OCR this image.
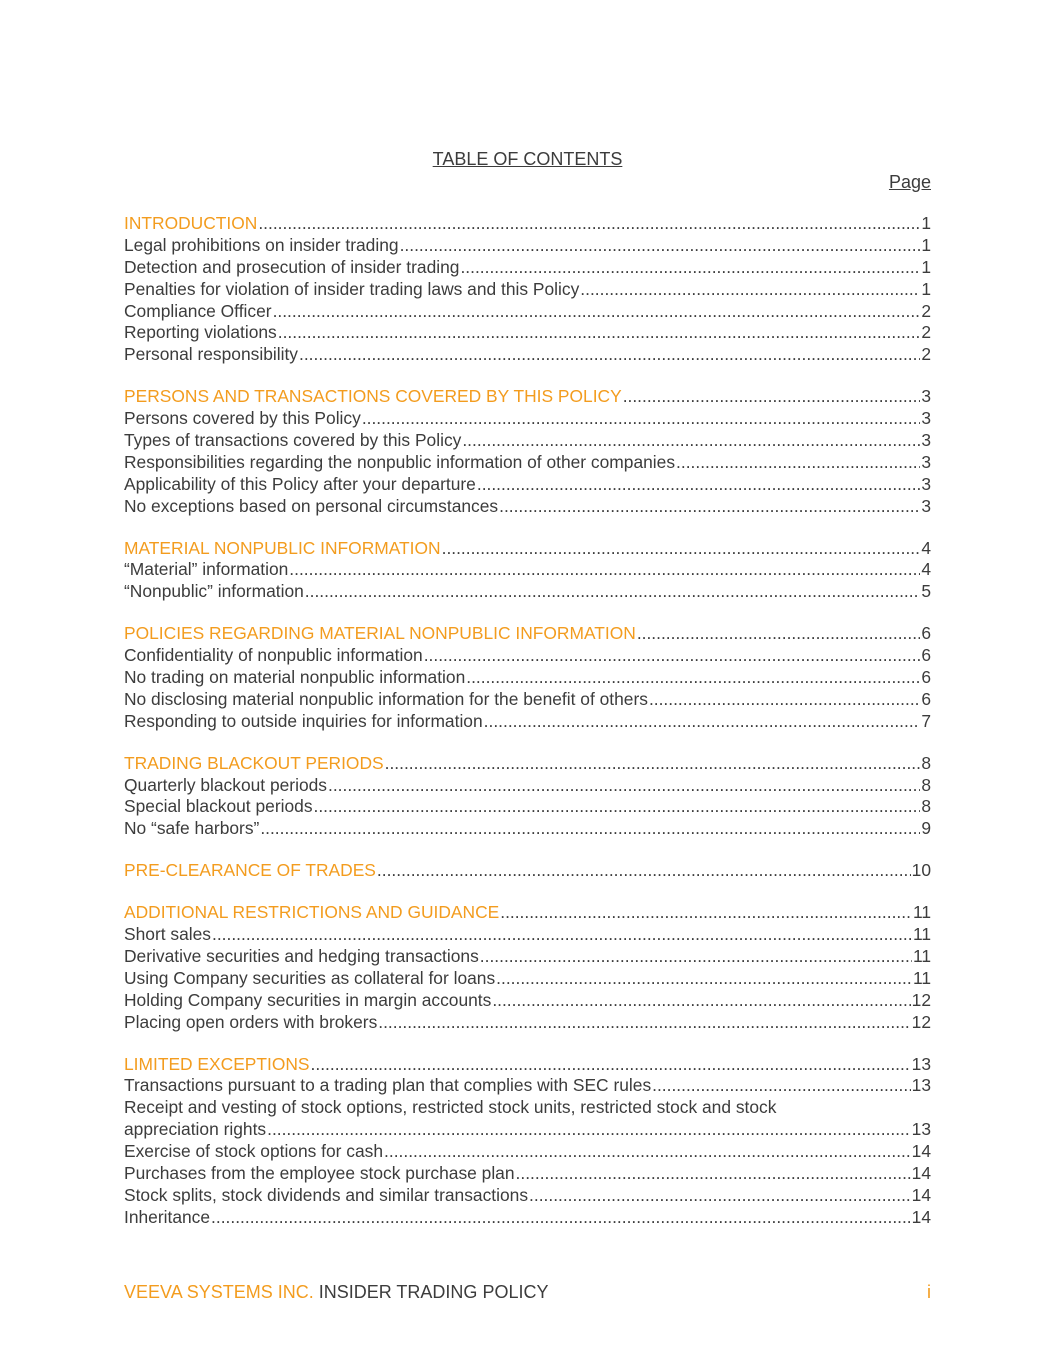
TABLE OF CONTENTS
Page
INTRODUCTION .....	1
Legal prohibitions on insider trading .....	1
Detection and prosecution of insider trading .....	1
Penalties for violation of insider trading laws and this Policy .....	1
Compliance Officer .....	2
Reporting violations .....	2
Personal responsibility .....	2
PERSONS AND TRANSACTIONS COVERED BY THIS POLICY .....	3
Persons covered by this Policy .....	3
Types of transactions covered by this Policy .....	3
Responsibilities regarding the nonpublic information of other companies .....	3
Applicability of this Policy after your departure .....	3
No exceptions based on personal circumstances .....	3
MATERIAL NONPUBLIC INFORMATION .....	4
“Material” information .....	4
“Nonpublic” information .....	5
POLICIES REGARDING MATERIAL NONPUBLIC INFORMATION .....	6
Confidentiality of nonpublic information .....	6
No trading on material nonpublic information .....	6
No disclosing material nonpublic information for the benefit of others .....	6
Responding to outside inquiries for information .....	7
TRADING BLACKOUT PERIODS .....	8
Quarterly blackout periods .....	8
Special blackout periods .....	8
No “safe harbors” .....	9
PRE-CLEARANCE OF TRADES .....	10
ADDITIONAL RESTRICTIONS AND GUIDANCE .....	11
Short sales .....	11
Derivative securities and hedging transactions .....	11
Using Company securities as collateral for loans .....	11
Holding Company securities in margin accounts .....	12
Placing open orders with brokers .....	12
LIMITED EXCEPTIONS .....	13
Transactions pursuant to a trading plan that complies with SEC rules .....	13
Receipt and vesting of stock options, restricted stock units, restricted stock and stock
appreciation rights .....	13
Exercise of stock options for cash .....	14
Purchases from the employee stock purchase plan .....	14
Stock splits, stock dividends and similar transactions .....	14
Inheritance .....	14
VEEVA SYSTEMS INC. INSIDER TRADING POLICY	i
